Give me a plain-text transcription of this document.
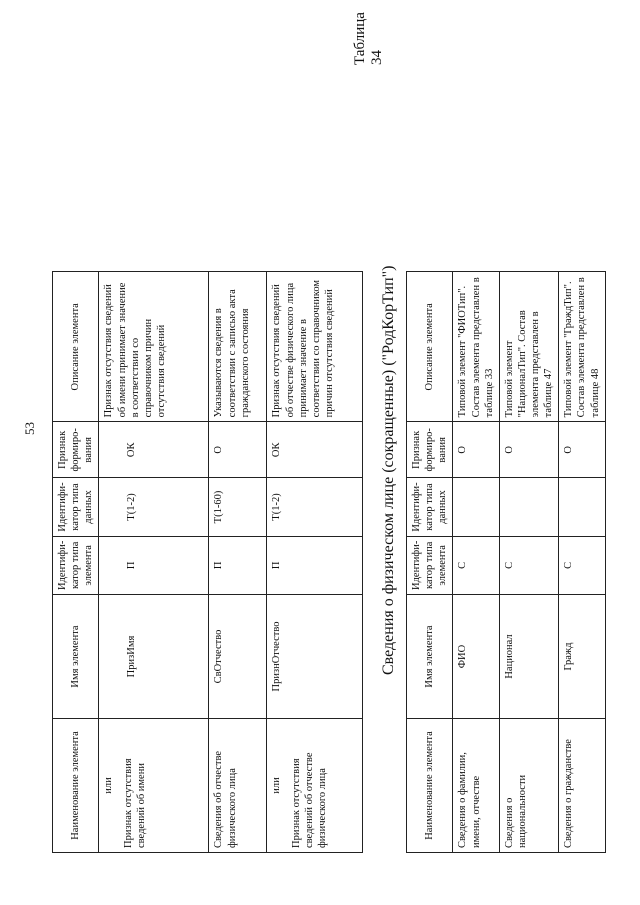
53
Наименование элемента	Имя элемента	Идентифи-катор типа элемента	Идентифи-катор типа данных	Признак формиро-вания	Описание элемента

или Признак отсутствия сведений об имени	ПризИмя	П	T(1-2)	ОК	Признак отсутствия сведений об имени принимает значение в соответствии со справочником причин отсутствия сведений
Сведения об отчестве физического лица	СвОтчество	П	T(1-60)	О	Указываются сведения в соответствии с записью акта гражданского состояния

или Признак отсутствия сведений об отчестве физического лица	ПризнОтчество	П	T(1-2)	ОК	Признак отсутствия сведений об отчестве физического лица принимает значение в соответствии со справочником причин отсутствия сведений
Таблица 34
Сведения о физическом лице (сокращенные) ("РодКорТип")
Наименование элемента	Имя элемента	Идентифи-катор типа элемента	Идентифи-катор типа данных	Признак формиро-вания	Описание элемента
Сведения о фамилии, имени, отчестве	ФИО	С		О	Типовой элемент "ФИОТип". Состав элемента представлен в таблице 33
Сведения о национальности	Национал	С		О	Типовой элемент "НационалТип". Состав элемента представлен в таблице 47
Сведения о гражданстве	Гражд	С		О	Типовой элемент "ГраждТип". Состав элемента представлен в таблице 48
